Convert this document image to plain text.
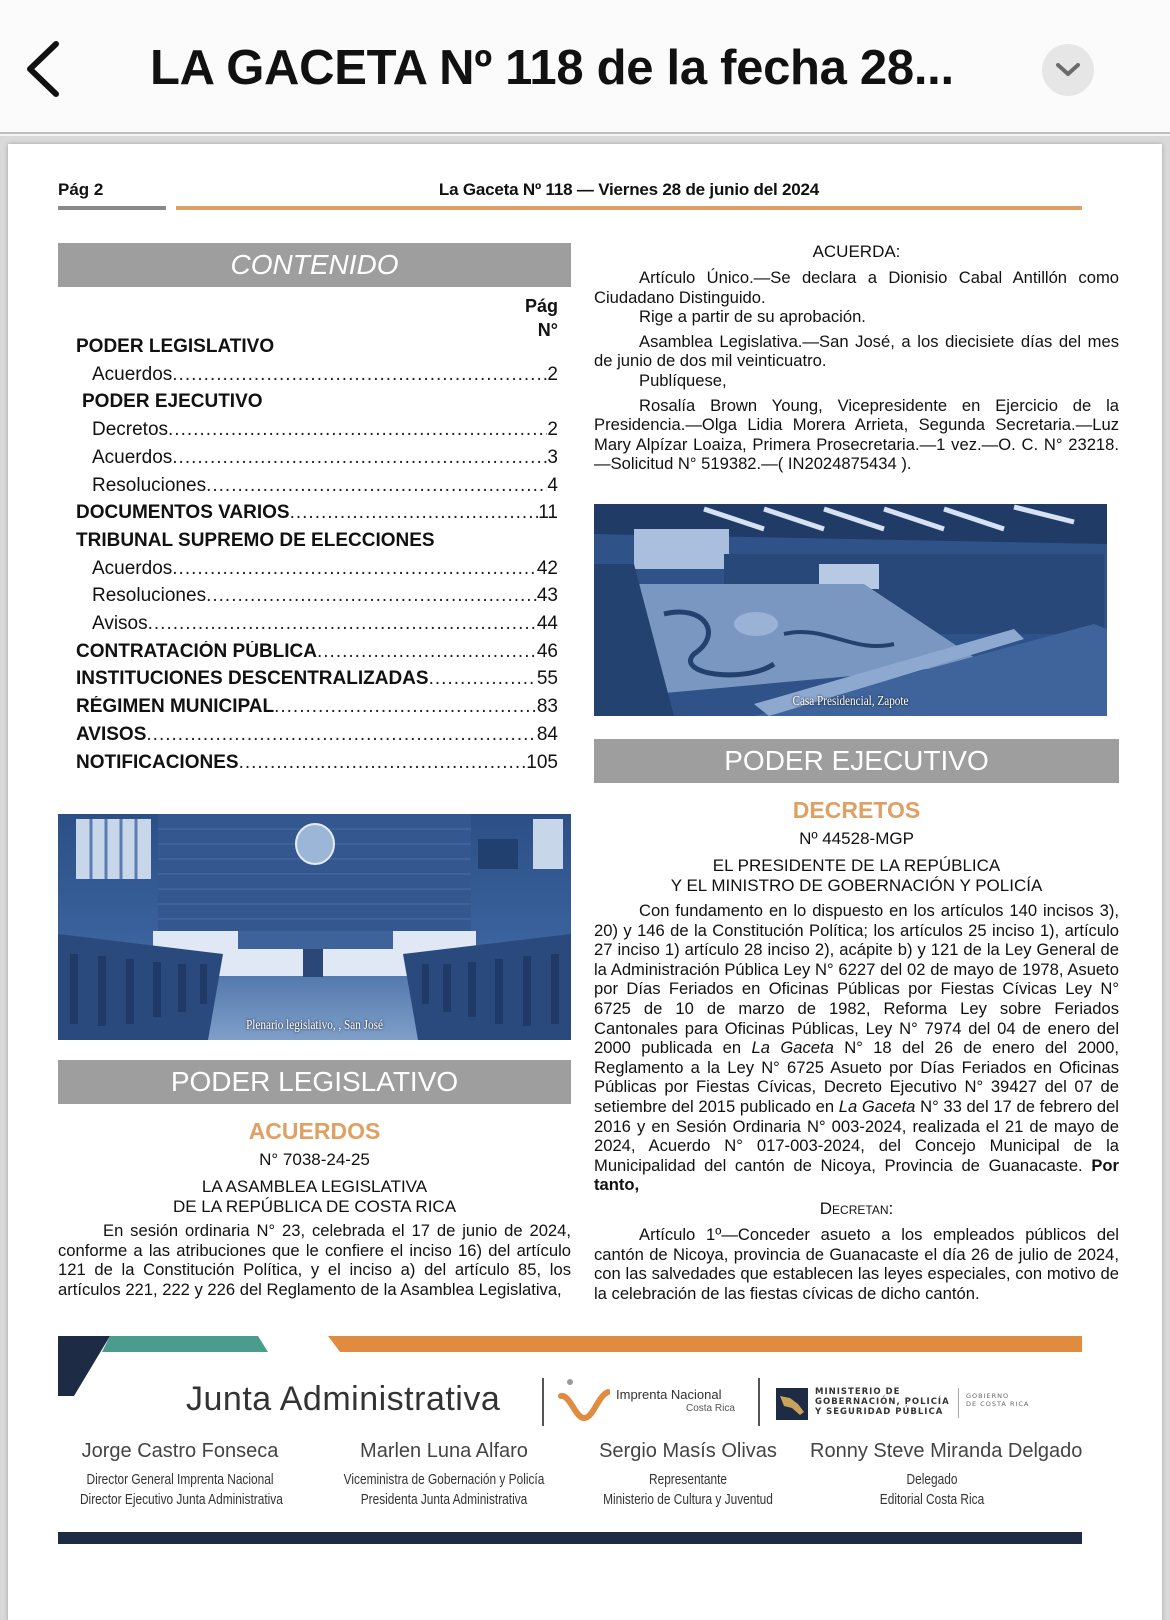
LA GACETA Nº 118 de la fecha 28...
Pág 2	La Gaceta Nº 118 — Viernes 28 de junio del 2024
CONTENIDO
Pág
N°
PODER LEGISLATIVO
Acuerdos .....	2
PODER EJECUTIVO
Decretos .....	2
Acuerdos .....	3
Resoluciones .....	4
DOCUMENTOS VARIOS .....	11
TRIBUNAL SUPREMO DE ELECCIONES
Acuerdos .....	42
Resoluciones .....	43
Avisos .....	44
CONTRATACIÓN PÚBLICA .....	46
INSTITUCIONES DESCENTRALIZADAS .....	55
RÉGIMEN MUNICIPAL .....	83
AVISOS .....	84
NOTIFICACIONES .....	105
Plenario legislativo, , San José
PODER LEGISLATIVO
ACUERDOS
N° 7038-24-25
LA ASAMBLEA LEGISLATIVA
DE LA REPÚBLICA DE COSTA RICA

En sesión ordinaria N° 23, celebrada el 17 de junio de 2024, conforme a las atribuciones que le confiere el inciso 16) del artículo 121 de la Constitución Política, y el inciso a) del artículo 85, los artículos 221, 222 y 226 del Reglamento de la Asamblea Legislativa,

ACUERDA:

Artículo Único.—Se declara a Dionisio Cabal Antillón como Ciudadano Distinguido.

Rige a partir de su aprobación.

Asamblea Legislativa.—San José, a los diecisiete días del mes de junio de dos mil veinticuatro.

Publíquese,

Rosalía Brown Young, Vicepresidente en Ejercicio de la Presidencia.—Olga Lidia Morera Arrieta, Segunda Secretaria.—Luz Mary Alpízar Loaiza, Primera Prosecretaria.—1 vez.—O. C. N° 23218.—Solicitud N° 519382.—( IN2024875434 ).

Casa Presidencial, Zapote
PODER EJECUTIVO
DECRETOS
Nº 44528-MGP
EL PRESIDENTE DE LA REPÚBLICA
Y EL MINISTRO DE GOBERNACIÓN Y POLICÍA

Con fundamento en lo dispuesto en los artículos 140 incisos 3), 20) y 146 de la Constitución Política; los artículos 25 inciso 1), artículo 27 inciso 1) artículo 28 inciso 2), acápite b) y 121 de la Ley General de la Administración Pública Ley N° 6227 del 02 de mayo de 1978, Asueto por Días Feriados en Oficinas Públicas por Fiestas Cívicas Ley N° 6725 de 10 de marzo de 1982, Reforma Ley sobre Feriados Cantonales para Oficinas Públicas, Ley N° 7974 del 04 de enero del 2000 publicada en La Gaceta N° 18 del 26 de enero del 2000, Reglamento a la Ley N° 6725 Asueto por Días Feriados en Oficinas Públicas por Fiestas Cívicas, Decreto Ejecutivo N° 39427 del 07 de setiembre del 2015 publicado en La Gaceta N° 33 del 17 de febrero del 2016 y en Sesión Ordinaria N° 003-2024, realizada el 21 de mayo de 2024, Acuerdo N° 017-003-2024, del Concejo Municipal de la Municipalidad del cantón de Nicoya, Provincia de Guanacaste. Por tanto,

Decretan:

Artículo 1º—Conceder asueto a los empleados públicos del cantón de Nicoya, provincia de Guanacaste el día 26 de julio de 2024, con las salvedades que establecen las leyes especiales, con motivo de la celebración de las fiestas cívicas de dicho cantón.

Junta Administrativa	Imprenta Nacional
Costa Rica
MINISTERIO DE
GOBERNACIÓN, POLICÍA
Y SEGURIDAD PÚBLICA
GOBIERNO
DE COSTA RICA
Jorge Castro Fonseca
Director General Imprenta Nacional
Director Ejecutivo Junta Administrativa
Marlen Luna Alfaro
Viceministra de Gobernación y Policía
Presidenta Junta Administrativa
Sergio Masís Olivas
Representante
Ministerio de Cultura y Juventud
Ronny Steve Miranda Delgado
Delegado
Editorial Costa Rica
